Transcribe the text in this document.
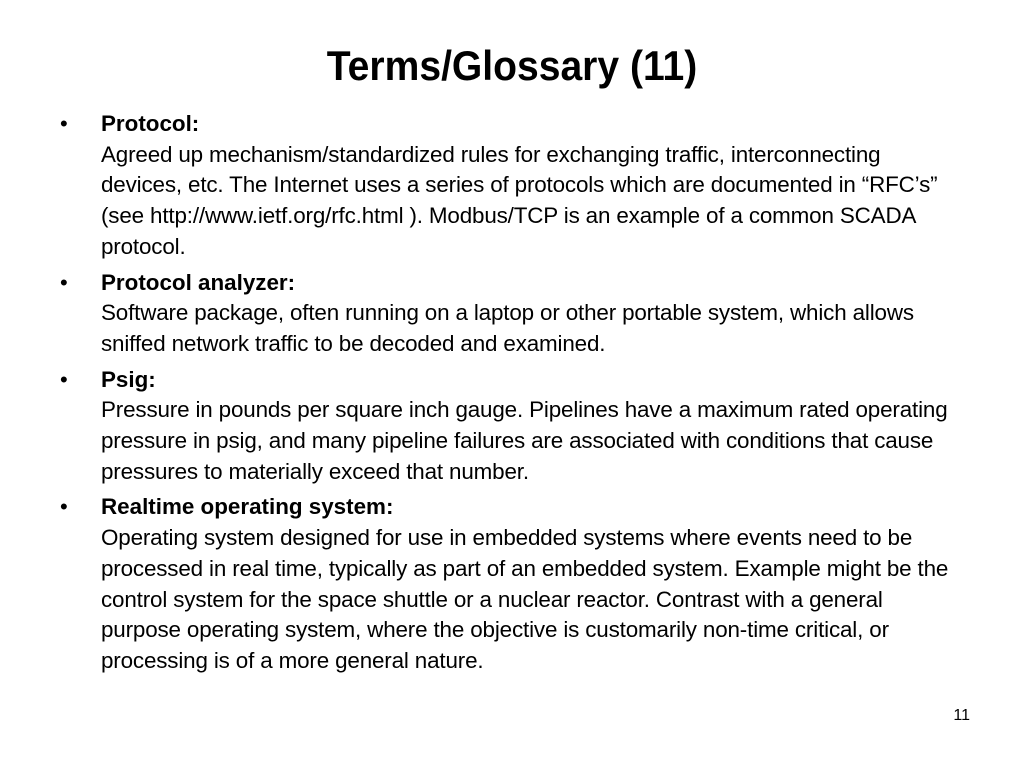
Terms/Glossary (11)
•	Protocol:
Agreed up mechanism/standardized rules for exchanging traffic, interconnecting devices, etc. The Internet uses a series of protocols which are documented in “RFC’s” (see http://www.ietf.org/rfc.html ). Modbus/TCP is an example of a common SCADA protocol.
•	Protocol analyzer:
Software package, often running on a laptop or other portable system, which allows sniffed network traffic to be decoded and examined.
•	Psig:
Pressure in pounds per square inch gauge. Pipelines have a maximum rated operating pressure in psig, and many pipeline failures are associated with conditions that cause pressures to materially exceed that number.
•	Realtime operating system:
Operating system designed for use in embedded systems where events need to be processed in real time, typically as part of an embedded system. Example might be the control system for the space shuttle or a nuclear reactor. Contrast with a general purpose operating system, where the objective is customarily non-time critical, or processing is of a more general nature.
11
